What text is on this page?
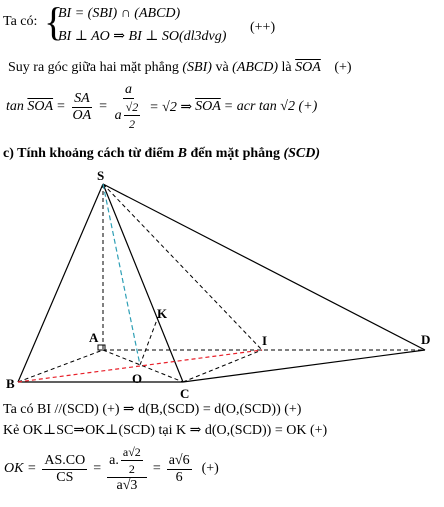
Ta có: {
BI = (SBI) ∩ (ABCD)
BI ⊥ AO ⇒ BI ⊥ SO(dl3dvg)
(++)
Suy ra góc giữa hai mặt phẳng (SBI) và (ABCD) là $\overline{SOA}$ (+)
tan
$\overline{SOA} = \frac{SA}{OA} = \frac{a}{a \frac{√2}{2}} = √2$ ⇒ $\overline{SOA}$ = acr tan √2 (+)
c) Tính khoảng cách từ điểm B đến mặt phẳng (SCD)
S
K
A	I	D
B	O
C
Ta có BI //(SCD) (+) ⇒ d(B,(SCD) = d(O,(SCD)) (+)
Kẻ OK⊥SC⇒OK⊥(SCD) tại K ⇒ d(O,(SCD)) = OK (+)
OK = $\frac{AS.CO}{CS} = \frac{a. \frac{a√2}{2}}{a√3} = \frac{a√6}{6}$ (+)
